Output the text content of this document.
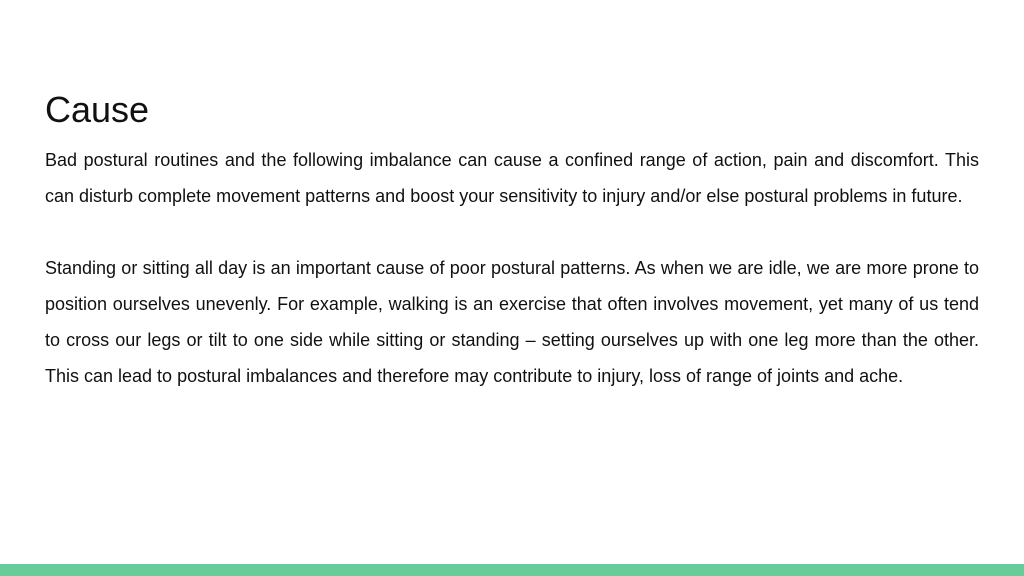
Cause

Bad postural routines and the following imbalance can cause a confined range of action, pain and discomfort. This can disturb complete movement patterns and boost your sensitivity to injury and/or else postural problems in future.

Standing or sitting all day is an important cause of poor postural patterns. As when we are idle, we are more prone to position ourselves unevenly. For example, walking is an exercise that often involves movement, yet many of us tend to cross our legs or tilt to one side while sitting or standing – setting ourselves up with one leg more than the other. This can lead to postural imbalances and therefore may contribute to injury, loss of range of joints and ache.
